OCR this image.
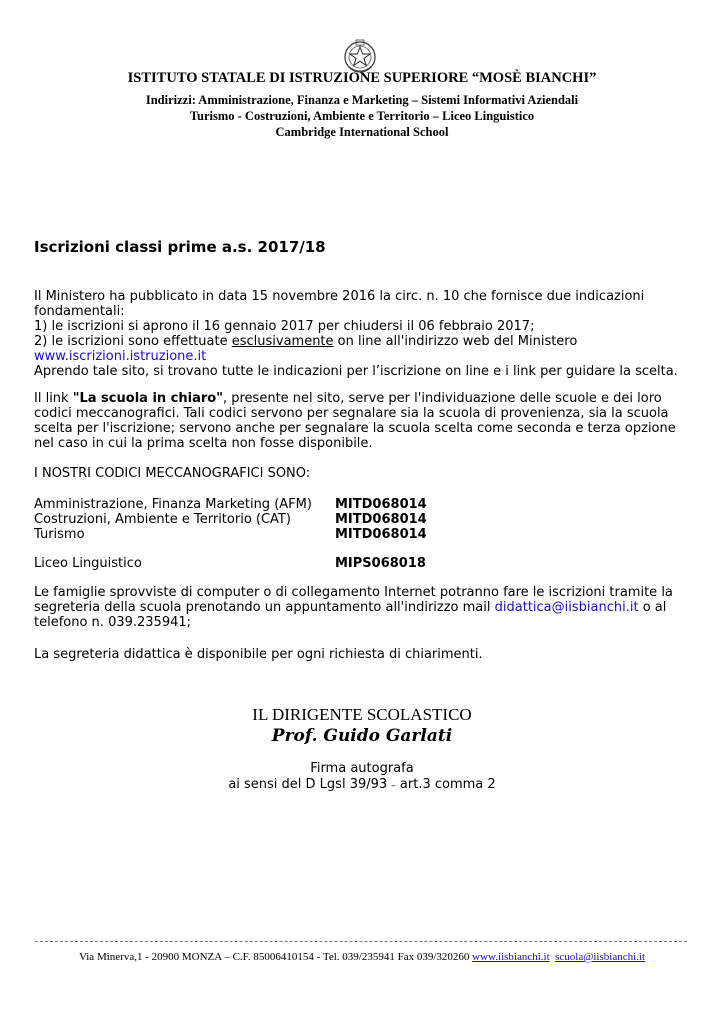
ISTITUTO STATALE DI ISTRUZIONE SUPERIORE “MOSÈ BIANCHI”
Indirizzi: Amministrazione, Finanza e Marketing – Sistemi Informativi Aziendali
Turismo - Costruzioni, Ambiente e Territorio – Liceo Linguistico
Cambridge International School
Iscrizioni classi prime a.s. 2017/18
Il Ministero ha pubblicato in data 15 novembre 2016 la circ. n. 10 che fornisce due indicazioni fondamentali:
1) le iscrizioni si aprono il 16 gennaio 2017 per chiudersi il 06 febbraio 2017;
2) le iscrizioni sono effettuate esclusivamente on line all'indirizzo web del Ministero
www.iscrizioni.istruzione.it
Aprendo tale sito, si trovano tutte le indicazioni per l’iscrizione on line e i link per guidare la scelta.
Il link "La scuola in chiaro", presente nel sito, serve per l'individuazione delle scuole e dei loro codici meccanografici. Tali codici servono per segnalare sia la scuola di provenienza, sia la scuola scelta per l'iscrizione; servono anche per segnalare la scuola scelta come seconda e terza opzione nel caso in cui la prima scelta non fosse disponibile.
I NOSTRI CODICI MECCANOGRAFICI SONO:
Amministrazione, Finanza Marketing (AFM) MITD068014
Costruzioni, Ambiente e Territorio (CAT)	MITD068014
Turismo	MITD068014
Liceo Linguistico	MIPS068018
Le famiglie sprovviste di computer o di collegamento Internet potranno fare le iscrizioni tramite la segreteria della scuola prenotando un appuntamento all'indirizzo mail didattica@iisbianchi.it o al telefono n. 039.235941;
La segreteria didattica è disponibile per ogni richiesta di chiarimenti.
IL DIRIGENTE SCOLASTICO
Prof. Guido Garlati
Firma autografa
ai sensi del D Lgsl 39/93 – art.3 comma 2
Via Minerva,1 - 20900 MONZA – C.F. 85006410154 - Tel. 039/235941 Fax 039/320260 www.iisbianchi.it scuola@iisbianchi.it
